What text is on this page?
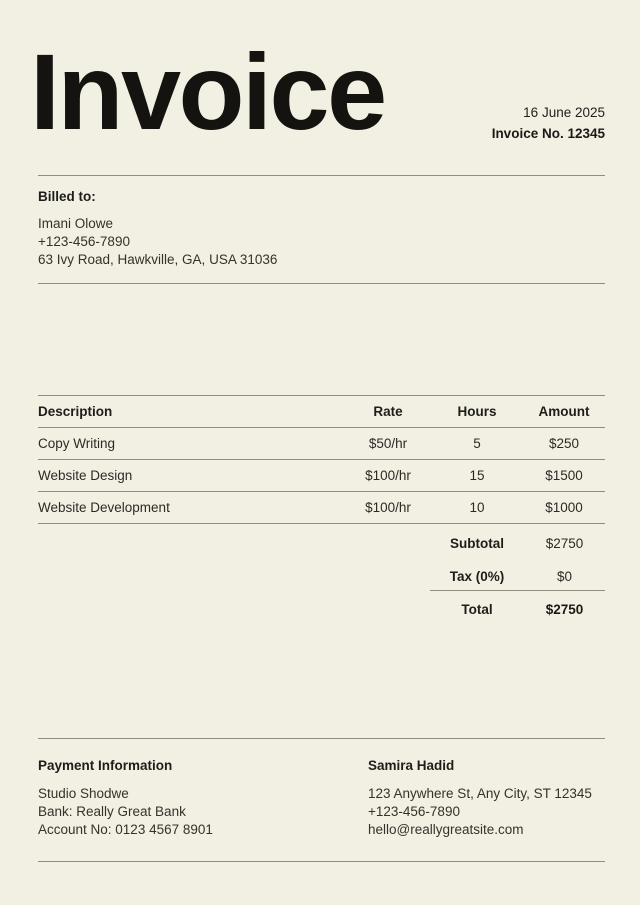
Invoice	16 June 2025
Invoice No. 12345
Billed to:
Imani Olowe
+123-456-7890
63 Ivy Road, Hawkville, GA, USA 31036
Description	Rate	Hours	Amount
Copy Writing	$50/hr	5	$250
Website Design	$100/hr	15	$1500
Website Development	$100/hr	10	$1000
Subtotal	$2750
Tax (0%)	$0
Total	$2750
Payment Information
Studio Shodwe
Bank: Really Great Bank
Account No: 0123 4567 8901
Samira Hadid
123 Anywhere St, Any City, ST 12345
+123-456-7890
hello@reallygreatsite.com
